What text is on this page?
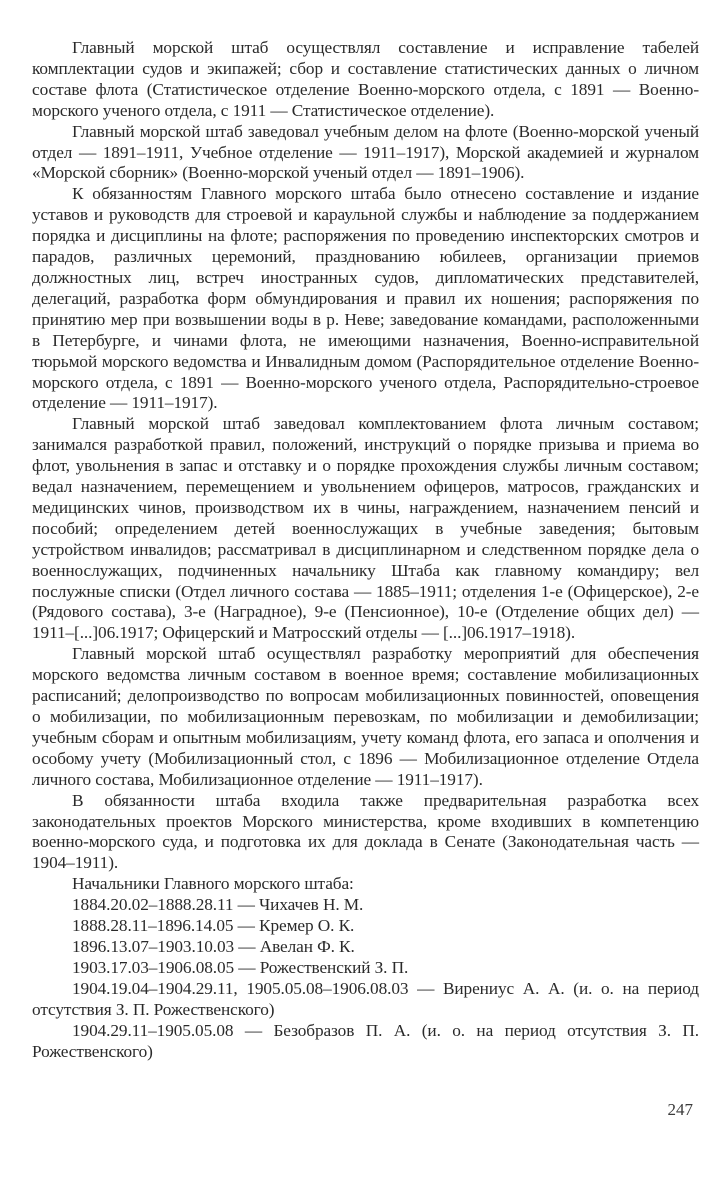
Главный морской штаб осуществлял составление и исправление табелей комплектации судов и экипажей; сбор и составление статистических данных о личном составе флота (Статистическое отделение Военно-морского отдела, с 1891 — Военно-морского ученого отдела, с 1911 — Статистическое отделение).

Главный морской штаб заведовал учебным делом на флоте (Военно-морской ученый отдел — 1891–1911, Учебное отделение — 1911–1917), Морской академией и журналом «Морской сборник» (Военно-морской ученый отдел — 1891–1906).

К обязанностям Главного морского штаба было отнесено составление и издание уставов и руководств для строевой и караульной службы и наблюдение за поддержанием порядка и дисциплины на флоте; распоряжения по проведению инспекторских смотров и парадов, различных церемоний, празднованию юбилеев, организации приемов должностных лиц, встреч иностранных судов, дипломатических представителей, делегаций, разработка форм обмундирования и правил их ношения; распоряжения по принятию мер при возвышении воды в р. Неве; заведование командами, расположенными в Петербурге, и чинами флота, не имеющими назначения, Военно-исправительной тюрьмой морского ведомства и Инвалидным домом (Распорядительное отделение Военно-морского отдела, с 1891 — Военно-морского ученого отдела, Распорядительно-строевое отделение — 1911–1917).

Главный морской штаб заведовал комплектованием флота личным составом; занимался разработкой правил, положений, инструкций о порядке призыва и приема во флот, увольнения в запас и отставку и о порядке прохождения службы личным составом; ведал назначением, перемещением и увольнением офицеров, матросов, гражданских и медицинских чинов, производством их в чины, награждением, назначением пенсий и пособий; определением детей военнослужащих в учебные заведения; бытовым устройством инвалидов; рассматривал в дисциплинарном и следственном порядке дела о военнослужащих, подчиненных начальнику Штаба как главному командиру; вел послужные списки (Отдел личного состава — 1885–1911; отделения 1-е (Офицерское), 2-е (Рядового состава), 3-е (Наградное), 9-е (Пенсионное), 10-е (Отделение общих дел) — 1911–[...]06.1917; Офицерский и Матросский отделы — [...]06.1917–1918).

Главный морской штаб осуществлял разработку мероприятий для обеспечения морского ведомства личным составом в военное время; составление мобилизационных расписаний; делопроизводство по вопросам мобилизационных повинностей, оповещения о мобилизации, по мобилизационным перевозкам, по мобилизации и демобилизации; учебным сборам и опытным мобилизациям, учету команд флота, его запаса и ополчения и особому учету (Мобилизационный стол, с 1896 — Мобилизационное отделение Отдела личного состава, Мобилизационное отделение — 1911–1917).

В обязанности штаба входила также предварительная разработка всех законодательных проектов Морского министерства, кроме входивших в компетенцию военно-морского суда, и подготовка их для доклада в Сенате (Законодательная часть — 1904–1911).

Начальники Главного морского штаба:

1884.20.02–1888.28.11 — Чихачев Н. М.

1888.28.11–1896.14.05 — Кремер О. К.

1896.13.07–1903.10.03 — Авелан Ф. К.

1903.17.03–1906.08.05 — Рожественский З. П.

1904.19.04–1904.29.11, 1905.05.08–1906.08.03 — Вирениус А. А. (и. о. на период отсутствия З. П. Рожественского)

1904.29.11–1905.05.08 — Безобразов П. А. (и. о. на период отсутствия З. П. Рожественского)

247
